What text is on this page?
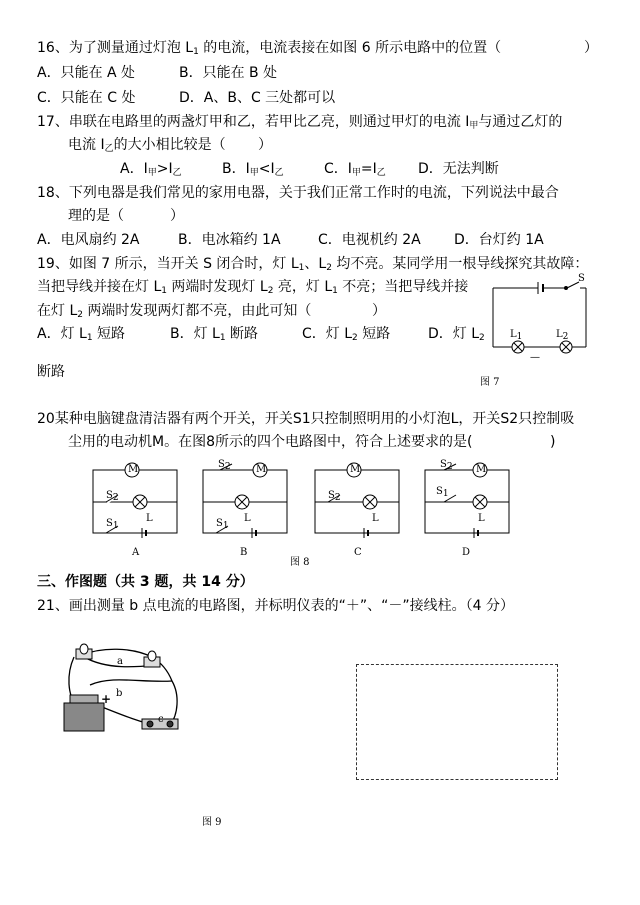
16、为了测量通过灯泡 $L_1$ 的电流，电流表接在如图 6 所示电路中的位置（	）
A．只能在 A 处	B．只能在 B 处
C．只能在 C 处	D．A、B、C 三处都可以
17、串联在电路里的两盏灯甲和乙，若甲比乙亮，则通过甲灯的电流 $I_甲$与通过乙灯的
电流 $I_乙$的大小相比较是（ ）
A．$I_甲>I_乙$	B．$I_甲<I_乙$	C．$I_甲=I_乙$ D．无法判断
18、下列电器是我们常见的家用电器，关于我们正常工作时的电流，下列说法中最合
理的是（	）
A．电风扇约 2A	B．电冰箱约 1A	C．电视机约 2A D．台灯约 1A
19、如图 7 所示，当开关 S 闭合时，灯 $L_1$、$L_2$ 均不亮。某同学用一根导线探究其故障：
当把导线并接在灯 $L_1$ 两端时发现灯 $L_2$ 亮，灯 $L_1$ 不亮；当把导线并接
在灯 $L_2$ 两端时发现两灯都不亮，由此可知（	）
A．灯 $L_1$ 短路	B．灯 $L_1$ 断路	C．灯 $L_2$ 短路	D．灯 $L_2$
断路
S
$L_1$	$L_2$
—
图 7
20某种电脑键盘清洁器有两个开关，开关S1只控制照明用的小灯泡L，开关S2只控制吸
尘用的电动机M。在图8所示的四个电路图中，符合上述要求的是(	)
M
$S_2$
$S_1$
L
A
$S_2$	M
$S_1$
L
B
M
$S_2$
L
C
$S_2$ M
$S_1$
L
D
图 8
三、作图题（共 3 题，共 14 分）
21、画出测量 b 点电流的电路图，并标明仪表的“＋”、“－”接线柱。（4 分）
a
b
c
+
图 9
